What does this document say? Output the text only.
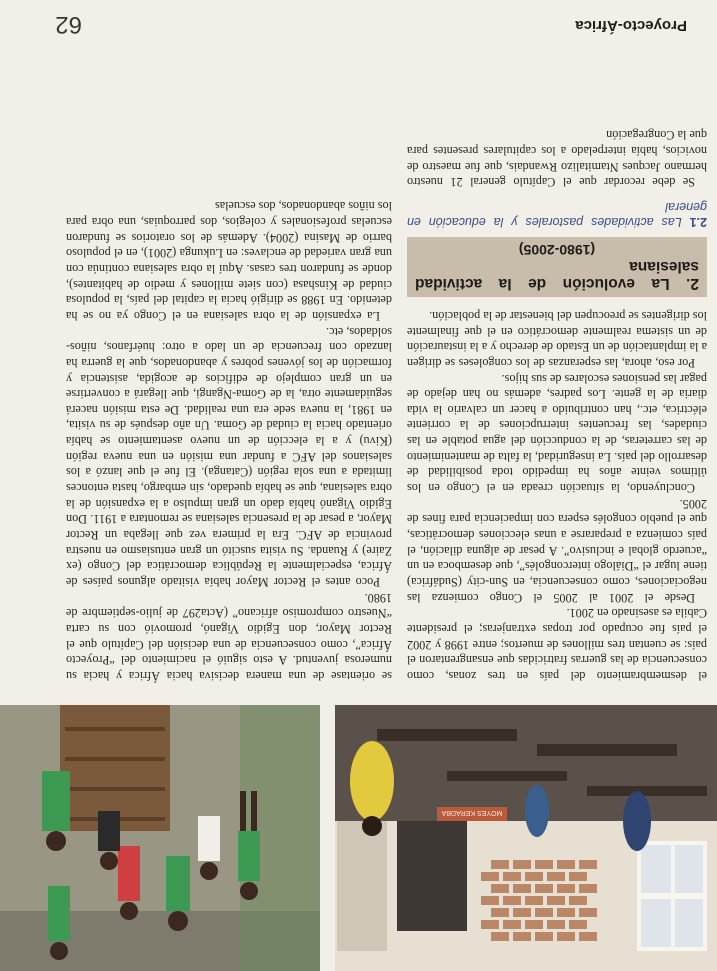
MOYES KERADBA

el desmembramiento del país en tres zonas, como consecuencia de las guerras fratricidas que ensangrentaron el país: se cuentan tres millones de muertos; entre 1998 y 2002 el país fue ocupado por tropas extranjeras; el presidente Cabila es asesinado en 2001.

Desde el 2001 al 2005 el Congo comienza las negociaciones, como consecuencia, en Sun-city (Sudáfrica) tiene lugar el “Diálogo intercongolés”, que desemboca en un “acuerdo global e inclusivo”. A pesar de alguna dilación, el país comienza a prepararse a unas elecciones democráticas, que el pueblo congolés espera con impaciencia para fines de 2005.

Concluyendo, la situación creada en el Congo en los últimos veinte años ha impedido toda posibilidad de desarrollo del país. La inseguridad, la falta de mantenimiento de las carreteras, de la conducción del agua potable en las ciudades, las frecuentes interrupciones de la corriente eléctrica, etc., han contribuido a hacer un calvario la vida diaria de la gente. Los padres, además no han dejado de pagar las pensiones escolares de sus hijos.

Por eso, ahora, las esperanzas de los congoleses se dirigen a la implantación de un Estado de derecho y a la instauración de un sistema realmente democrático en el que finalmente los dirigentes se preocupen del bienestar de la población.

2. La evolución de la actividad salesiana
(1980-2005)
2.1 Las actividades pastorales y la educación en general

Se debe recordar que el Capítulo general 21 nuestro hermano Jacques Ntamitalizo Rwandais, que fue maestro de novicios, había interpelado a los capitulares presentes para que la Congregación

se orientase de una manera decisiva hacia África y hacia su numerosa juventud. A esto siguió el nacimiento del “Proyecto África”, como consecuencia de una decisión del Capítulo que el Rector Mayor, don Egidio Viganó, promovió con su carta “Nuestro compromiso africano” (Acta297 de julio-septiembre de 1980.

Poco antes el Rector Mayor había visitado algunos países de África, especialmente la República democrática del Congo (ex Zaire) y Ruanda. Su visita suscitó un gran entusiasmo en nuestra provincia de AFC. Era la primera vez que llegaba un Rector Mayor, a pesar de la presencia salesiana se remontara a 1911. Don Egidio Viganó había dado un gran impulso a la expansión de la obra salesiana, que se había quedado, sin embargo, hasta entonces limitada a una sola región (Catanga). El fue el que lanzó a los salesianos del AFC a fundar una misión en una nueva región (Kivu) y a la elección de un nuevo asentamiento se había orientado hacia la ciudad de Goma. Un año después de su visita, en 1981, la nueva sede era una realidad. De esta misión nacerá seguidamente otra, la de Goma-Ngangi, que llegará a convertirse en un gran complejo de edificios de acogida, asistencia y formación de los jóvenes pobres y abandonados, que la guerra ha lanzado con frecuencia de un lado a otro: huérfanos, niños-soldados, etc.

La expansión de la obra salesiana en el Congo ya no se ha detenido. En 1988 se dirigió hacia la capital del país, la populosa ciudad de Kinshasa (con siete millones y medio de habitantes), donde se fundaron tres casas. Aquí la obra salesiana continúa con una gran variedad de enclaves: en Lukunga (2001), en el populoso barrio de Masina (2004). Además de los oratorios se fundaron escuelas profesionales y colegios, dos parroquias, una obra para los niños abandonados, dos escuelas

62	Proyecto-África
